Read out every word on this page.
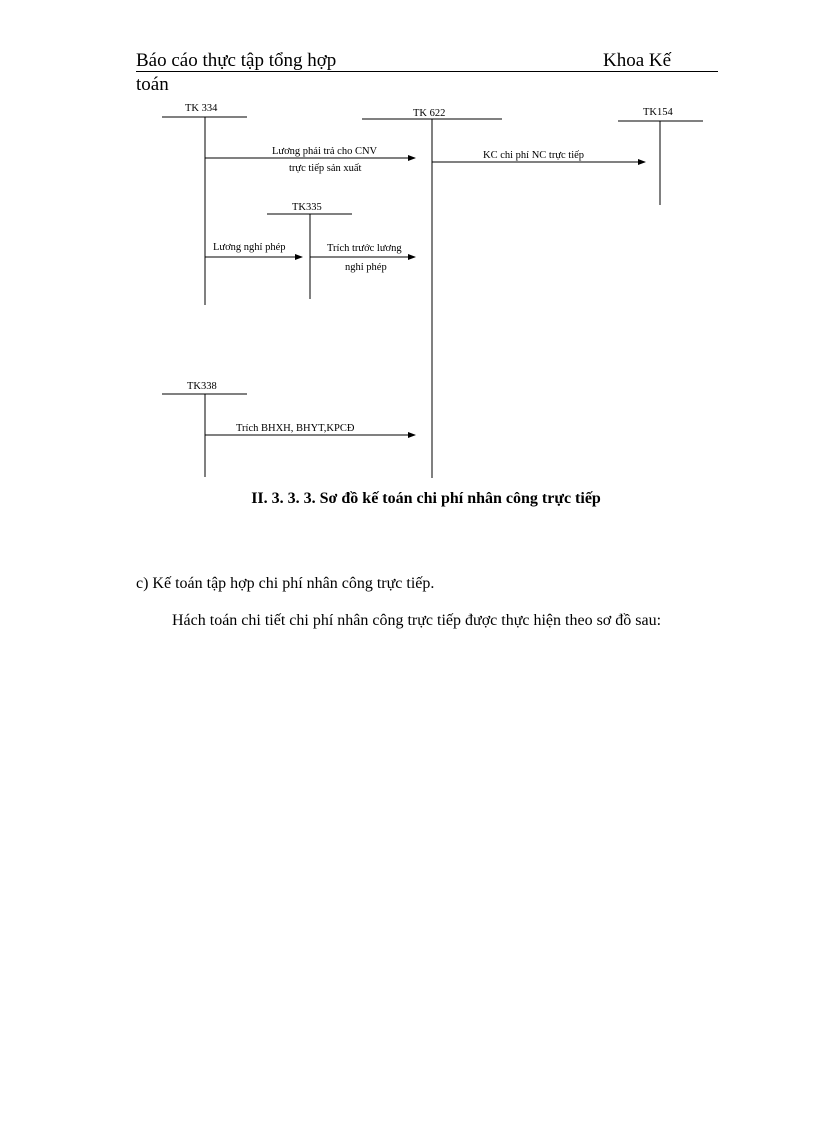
Báo cáo thực tập tổng hợp	Khoa Kế
toán
TK 334	TK 622	TK154
TK335
TK338
Lương phải trả cho CNV
trực tiếp sản xuất
KC chi phí NC trực tiếp
Lương nghỉ phép	Trích trước lương
nghỉ phép
Trích BHXH, BHYT,KPCĐ
II. 3. 3. 3. Sơ đồ kế toán chi phí nhân công trực tiếp
c) Kế toán tập hợp chi phí nhân công trực tiếp.
Hách toán chi tiết chi phí nhân công trực tiếp được thực hiện theo sơ đồ sau:
